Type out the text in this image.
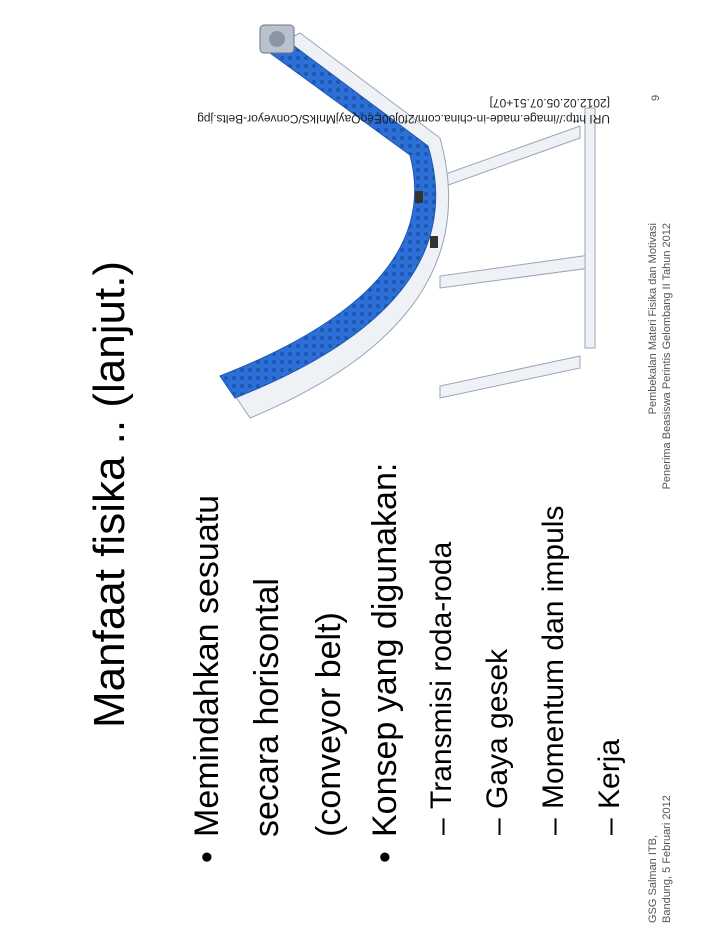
Manfaat fisika .. (lanjut.)
•Memindahkan sesuatu secara horisontal (conveyor belt)
•Konsep yang digunakan: –Transmisi roda-roda
–Gaya gesek
–Momentum dan impuls
–Kerja
GSG Salman ITB, Bandung, 5 Februari 2012
Pembekalan Materi Fisika dan Motivasi Penerima Beasiswa Perintis Gelombang II Tahun 2012
9
URI http://image.made-in-china.com/2f0j00EeoQayjMnIkS/Conveyor-Belts.jpg [2012.02.05.07.51+07]
